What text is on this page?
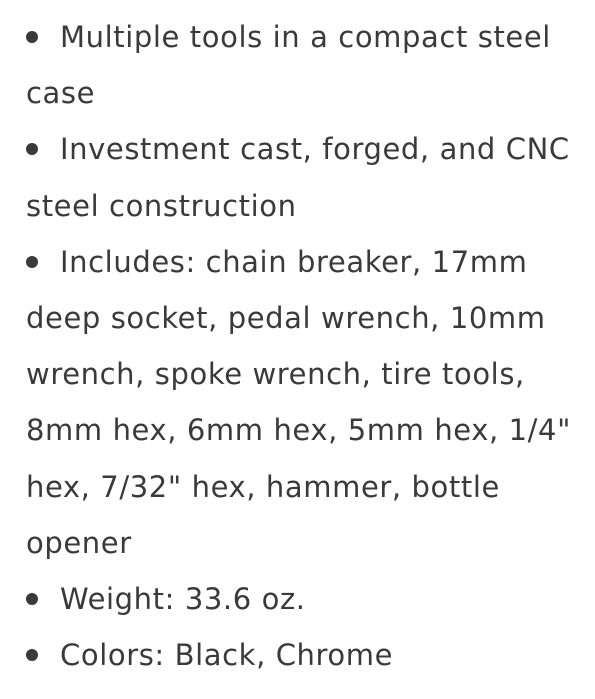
Multiple tools in a compact steel case
Investment cast, forged, and CNC steel construction
Includes: chain breaker, 17mm deep socket, pedal wrench, 10mm wrench, spoke wrench, tire tools, 8mm hex, 6mm hex, 5mm hex, 1/4" hex, 7/32" hex, hammer, bottle opener
Weight: 33.6 oz.
Colors: Black, Chrome
